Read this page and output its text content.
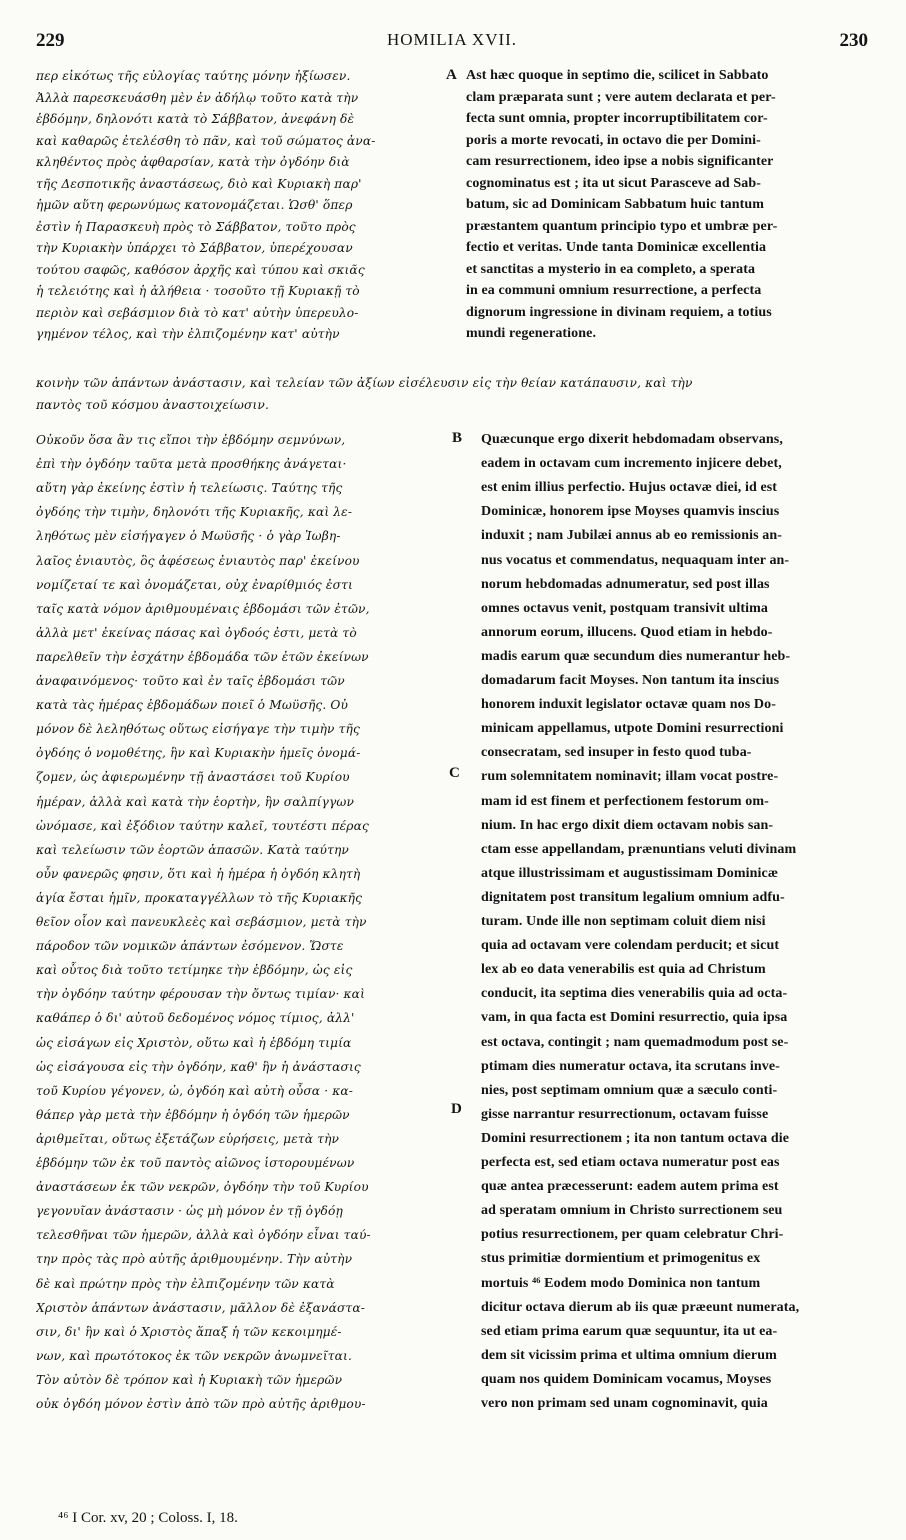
229	HOMILIA XVII.	230
περ εἰκότως τῆς εὐλογίας ταύτης μόνην ἠξίωσεν.
Ἀλλὰ παρεσκευάσθη μὲν ἐν ἀδήλῳ τοῦτο κατὰ τὴν
ἑβδόμην, δηλονότι κατὰ τὸ Σάββατον, ἀνεφάνη δὲ
καὶ καθαρῶς ἐτελέσθη τὸ πᾶν, καὶ τοῦ σώματος ἀνα-
κληθέντος πρὸς ἀφθαρσίαν, κατὰ τὴν ὀγδόην διὰ
τῆς Δεσποτικῆς ἀναστάσεως, διὸ καὶ Κυριακὴ παρ'
ἡμῶν αὕτη φερωνύμως κατονομάζεται. Ὡσθ' ὅπερ
ἐστὶν ἡ Παρασκευὴ πρὸς τὸ Σάββατον, τοῦτο πρὸς
τὴν Κυριακὴν ὑπάρχει τὸ Σάββατον, ὑπερέχουσαν
τούτου σαφῶς, καθόσον ἀρχῆς καὶ τύπου καὶ σκιᾶς
ἡ τελειότης καὶ ἡ ἀλήθεια · τοσοῦτο τῇ Κυριακῇ τὸ
περιὸν καὶ σεβάσμιον διὰ τὸ κατ' αὐτὴν ὑπερευλο-
γημένον τέλος, καὶ τὴν ἐλπιζομένην κατ' αὐτὴν
Ast hæc quoque in septimo die, scilicet in Sabbato
clam præparata sunt ; vere autem declarata et per-
fecta sunt omnia, propter incorruptibilitatem cor-
poris a morte revocati, in octavo die per Domini-
cam resurrectionem, ideo ipse a nobis significanter
cognominatus est ; ita ut sicut Parasceve ad Sab-
batum, sic ad Dominicam Sabbatum huic tantum
præstantem quantum principio typo et umbræ per-
fectio et veritas. Unde tanta Dominicæ excellentia
et sanctitas a mysterio in ea completo, a sperata
in ea communi omnium resurrectione, a perfecta
dignorum ingressione in divinam requiem, a totius
mundi regeneratione.
κοινὴν τῶν ἁπάντων ἀνάστασιν, καὶ τελείαν τῶν ἀξίων εἰσέλευσιν εἰς τὴν θείαν κατάπαυσιν, καὶ τὴν
παντὸς τοῦ κόσμου ἀναστοιχείωσιν.
A
Οὐκοῦν ὅσα ἂν τις εἴποι τὴν ἑβδόμην σεμνύνων,
ἐπὶ τὴν ὀγδόην ταῦτα μετὰ προσθήκης ἀνάγεται·
αὕτη γὰρ ἐκείνης ἐστὶν ἡ τελείωσις. Ταύτης τῆς
ὀγδόης τὴν τιμὴν, δηλονότι τῆς Κυριακῆς, καὶ λε-
ληθότως μὲν εἰσήγαγεν ὁ Μωϋσῆς · ὁ γὰρ Ἰωβη-
λαῖος ἐνιαυτὸς, ὃς ἀφέσεως ἐνιαυτὸς παρ' ἐκείνου
νομίζεταί τε καὶ ὀνομάζεται, οὐχ ἐναρίθμιός ἐστι
ταῖς κατὰ νόμον ἀριθμουμέναις ἑβδομάσι τῶν ἐτῶν,
ἀλλὰ μετ' ἐκείνας πάσας καὶ ὀγδοός ἐστι, μετὰ τὸ
παρελθεῖν τὴν ἐσχάτην ἑβδομάδα τῶν ἐτῶν ἐκείνων
ἀναφαινόμενος· τοῦτο καὶ ἐν ταῖς ἑβδομάσι τῶν
κατὰ τὰς ἡμέρας ἑβδομάδων ποιεῖ ὁ Μωϋσῆς. Οὐ
μόνον δὲ λεληθότως οὕτως εἰσήγαγε τὴν τιμὴν τῆς
ὀγδόης ὁ νομοθέτης, ἣν καὶ Κυριακὴν ἡμεῖς ὀνομά-
ζομεν, ὡς ἀφιερωμένην τῇ ἀναστάσει τοῦ Κυρίου
ἡμέραν, ἀλλὰ καὶ κατὰ τὴν ἑορτὴν, ἣν σαλπίγγων
ὠνόμασε, καὶ ἐξόδιον ταύτην καλεῖ, τουτέστι πέρας
καὶ τελείωσιν τῶν ἑορτῶν ἁπασῶν. Κατὰ ταύτην
οὖν φανερῶς φησιν, ὅτι καὶ ἡ ἡμέρα ἡ ὀγδόη κλητὴ
ἁγία ἔσται ἡμῖν, προκαταγγέλλων τὸ τῆς Κυριακῆς
θεῖον οἷον καὶ πανευκλεὲς καὶ σεβάσμιον, μετὰ τὴν
πάροδον τῶν νομικῶν ἁπάντων ἐσόμενον. Ὥστε
καὶ οὗτος διὰ τοῦτο τετίμηκε τὴν ἑβδόμην, ὡς εἰς
τὴν ὀγδόην ταύτην φέρουσαν τὴν ὄντως τιμίαν· καὶ
καθάπερ ὁ δι' αὐτοῦ δεδομένος νόμος τίμιος, ἀλλ'
ὡς εἰσάγων εἰς Χριστὸν, οὕτω καὶ ἡ ἑβδόμη τιμία
ὡς εἰσάγουσα εἰς τὴν ὀγδόην, καθ' ἣν ἡ ἀνάστασις
τοῦ Κυρίου γέγονεν, ὡ, ὀγδόη καὶ αὐτὴ οὖσα · κα-
θάπερ γὰρ μετὰ τὴν ἑβδόμην ἡ ὀγδόη τῶν ἡμερῶν
ἀριθμεῖται, οὕτως ἐξετάζων εὑρήσεις, μετὰ τὴν
ἑβδόμην τῶν ἐκ τοῦ παντὸς αἰῶνος ἱστορουμένων
ἀναστάσεων ἐκ τῶν νεκρῶν, ὀγδόην τὴν τοῦ Κυρίου
γεγονυῖαν ἀνάστασιν · ὡς μὴ μόνον ἐν τῇ ὀγδόῃ
τελεσθῆναι τῶν ἡμερῶν, ἀλλὰ καὶ ὀγδόην εἶναι ταύ-
την πρὸς τὰς πρὸ αὐτῆς ἀριθμουμένην. Τὴν αὐτὴν
δὲ καὶ πρώτην πρὸς τὴν ἐλπιζομένην τῶν κατὰ
Χριστὸν ἁπάντων ἀνάστασιν, μᾶλλον δὲ ἐξανάστα-
σιν, δι' ἣν καὶ ὁ Χριστὸς ἅπαξ ἡ τῶν κεκοιμημέ-
νων, καὶ πρωτότοκος ἐκ τῶν νεκρῶν ἀνωμνεῖται.
Τὸν αὐτὸν δὲ τρόπον καὶ ἡ Κυριακὴ τῶν ἡμερῶν
οὐκ ὀγδόη μόνον ἐστὶν ἀπὸ τῶν πρὸ αὐτῆς ἀριθμου-
Quæcunque ergo dixerit hebdomadam observans,
eadem in octavam cum incremento injicere debet,
est enim illius perfectio. Hujus octavæ diei, id est
Dominicæ, honorem ipse Moyses quamvis inscius
induxit ; nam Jubilæi annus ab eo remissionis an-
nus vocatus et commendatus, nequaquam inter an-
norum hebdomadas adnumeratur, sed post illas
omnes octavus venit, postquam transivit ultima
annorum eorum, illucens. Quod etiam in hebdo-
madis earum quæ secundum dies numerantur heb-
domadarum facit Moyses. Non tantum ita inscius
honorem induxit legislator octavæ quam nos Do-
minicam appellamus, utpote Domini resurrectioni
consecratam, sed insuper in festo quod tuba-
rum solemnitatem nominavit; illam vocat postre-
mam id est finem et perfectionem festorum om-
nium. In hac ergo dixit diem octavam nobis san-
ctam esse appellandam, prænuntians veluti divinam
atque illustrissimam et augustissimam Dominicæ
dignitatem post transitum legalium omnium adfu-
turam. Unde ille non septimam coluit diem nisi
quia ad octavam vere colendam perducit; et sicut
lex ab eo data venerabilis est quia ad Christum
conducit, ita septima dies venerabilis quia ad octa-
vam, in qua facta est Domini resurrectio, quia ipsa
est octava, contingit ; nam quemadmodum post se-
ptimam dies numeratur octava, ita scrutans inve-
nies, post septimam omnium quæ a sæculo conti-
gisse narrantur resurrectionum, octavam fuisse
Domini resurrectionem ; ita non tantum octava die
perfecta est, sed etiam octava numeratur post eas
quæ antea præcesserunt: eadem autem prima est
ad speratam omnium in Christo surrectionem seu
potius resurrectionem, per quam celebratur Chri-
stus primitiæ dormientium et primogenitus ex
mortuis ⁴⁶ Eodem modo Dominica non tantum
dicitur octava dierum ab iis quæ præeunt numerata,
sed etiam prima earum quæ sequuntur, ita ut ea-
dem sit vicissim prima et ultima omnium dierum
quam nos quidem Dominicam vocamus, Moyses
vero non primam sed unam cognominavit, quia
B
C
D
⁴⁶ I Cor. xv, 20 ; Coloss. I, 18.
